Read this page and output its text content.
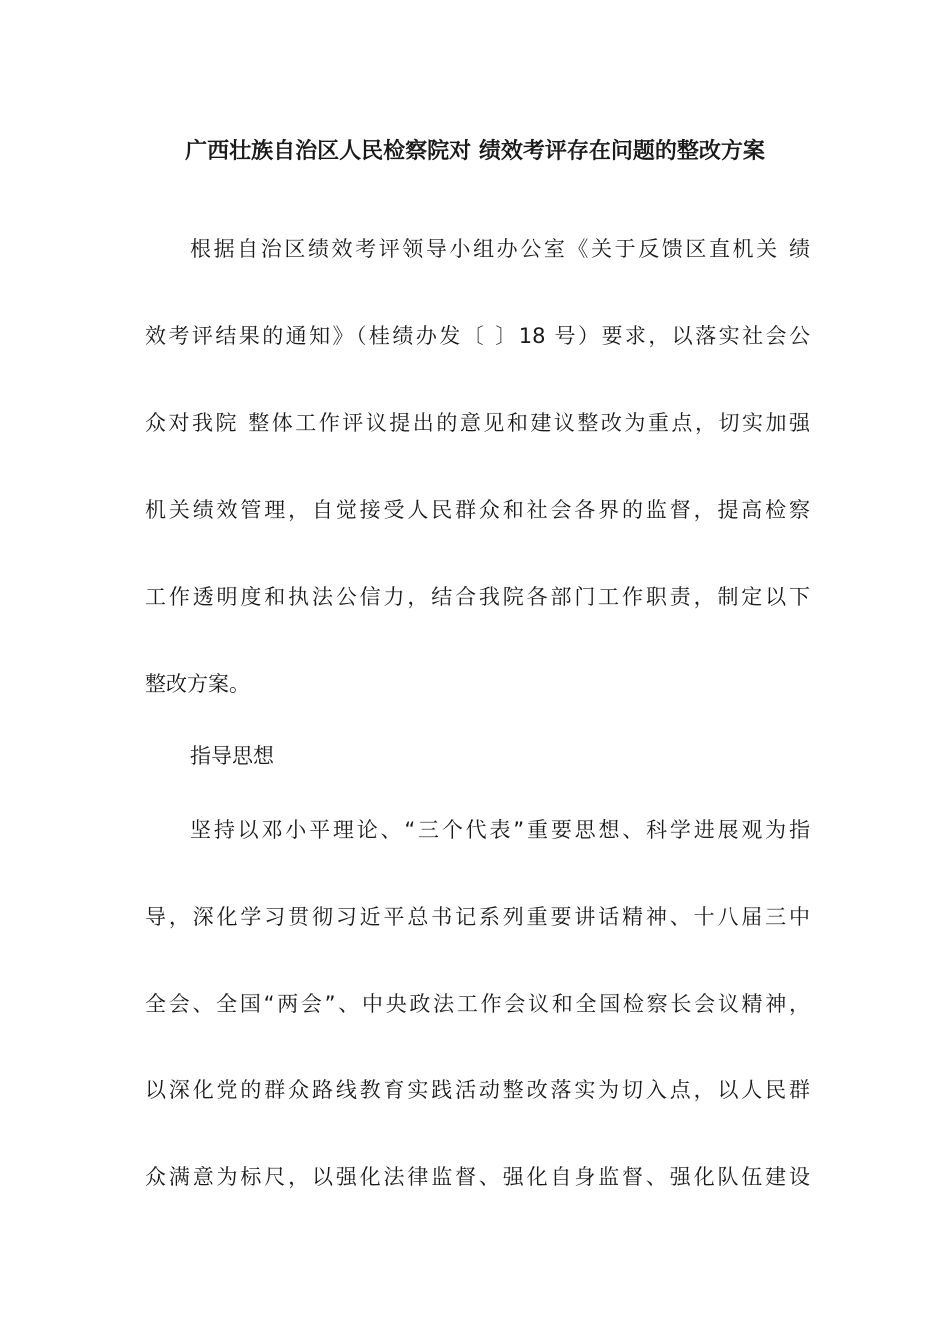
广西壮族自治区人民检察院对 绩效考评存在问题的整改方案

根据自治区绩效考评领导小组办公室《关于反馈区直机关 绩

效考评结果的通知》（桂绩办发〔 〕18 号）要求，以落实社会公

众对我院 整体工作评议提出的意见和建议整改为重点，切实加强

机关绩效管理，自觉接受人民群众和社会各界的监督，提高检察

工作透明度和执法公信力，结合我院各部门工作职责，制定以下

整改方案。

指导思想

坚持以邓小平理论、“三个代表”重要思想、科学进展观为指

导，深化学习贯彻习近平总书记系列重要讲话精神、十八届三中

全会、全国“两会”、中央政法工作会议和全国检察长会议精神，

以深化党的群众路线教育实践活动整改落实为切入点，以人民群

众满意为标尺，以强化法律监督、强化自身监督、强化队伍建设
